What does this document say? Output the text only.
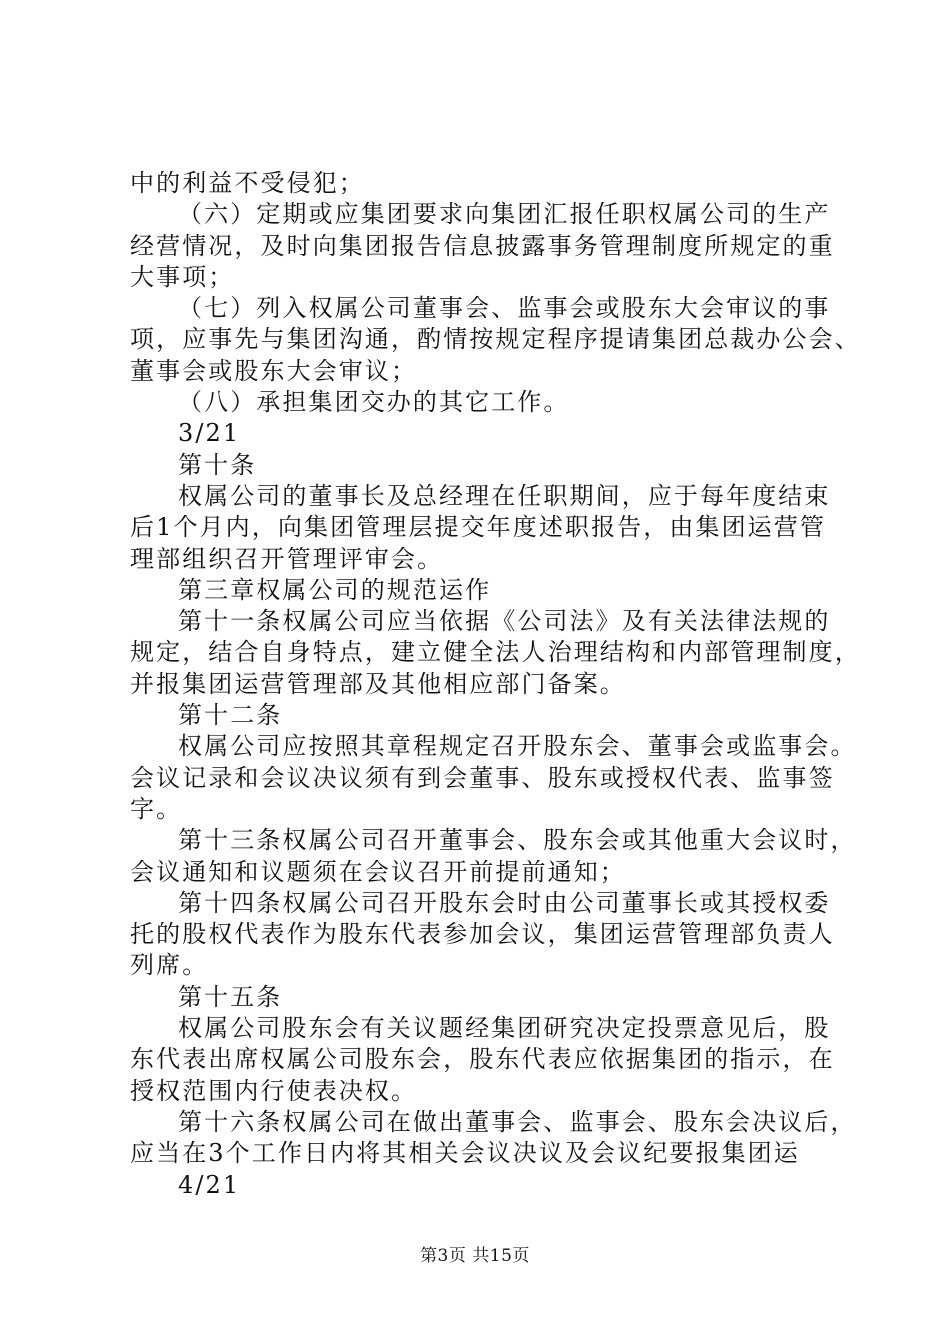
中的利益不受侵犯；
（六）定期或应集团要求向集团汇报任职权属公司的生产
经营情况，及时向集团报告信息披露事务管理制度所规定的重
大事项；
（七）列入权属公司董事会、监事会或股东大会审议的事
项，应事先与集团沟通，酌情按规定程序提请集团总裁办公会、
董事会或股东大会审议；
（八）承担集团交办的其它工作。
3/21
第十条
权属公司的董事长及总经理在任职期间，应于每年度结束
后1个月内，向集团管理层提交年度述职报告，由集团运营管
理部组织召开管理评审会。
第三章权属公司的规范运作
第十一条权属公司应当依据《公司法》及有关法律法规的
规定，结合自身特点，建立健全法人治理结构和内部管理制度，
并报集团运营管理部及其他相应部门备案。
第十二条
权属公司应按照其章程规定召开股东会、董事会或监事会。
会议记录和会议决议须有到会董事、股东或授权代表、监事签
字。
第十三条权属公司召开董事会、股东会或其他重大会议时，
会议通知和议题须在会议召开前提前通知；
第十四条权属公司召开股东会时由公司董事长或其授权委
托的股权代表作为股东代表参加会议，集团运营管理部负责人
列席。
第十五条
权属公司股东会有关议题经集团研究决定投票意见后，股
东代表出席权属公司股东会，股东代表应依据集团的指示，在
授权范围内行使表决权。
第十六条权属公司在做出董事会、监事会、股东会决议后，
应当在3个工作日内将其相关会议决议及会议纪要报集团运
4/21
第3页 共15页
